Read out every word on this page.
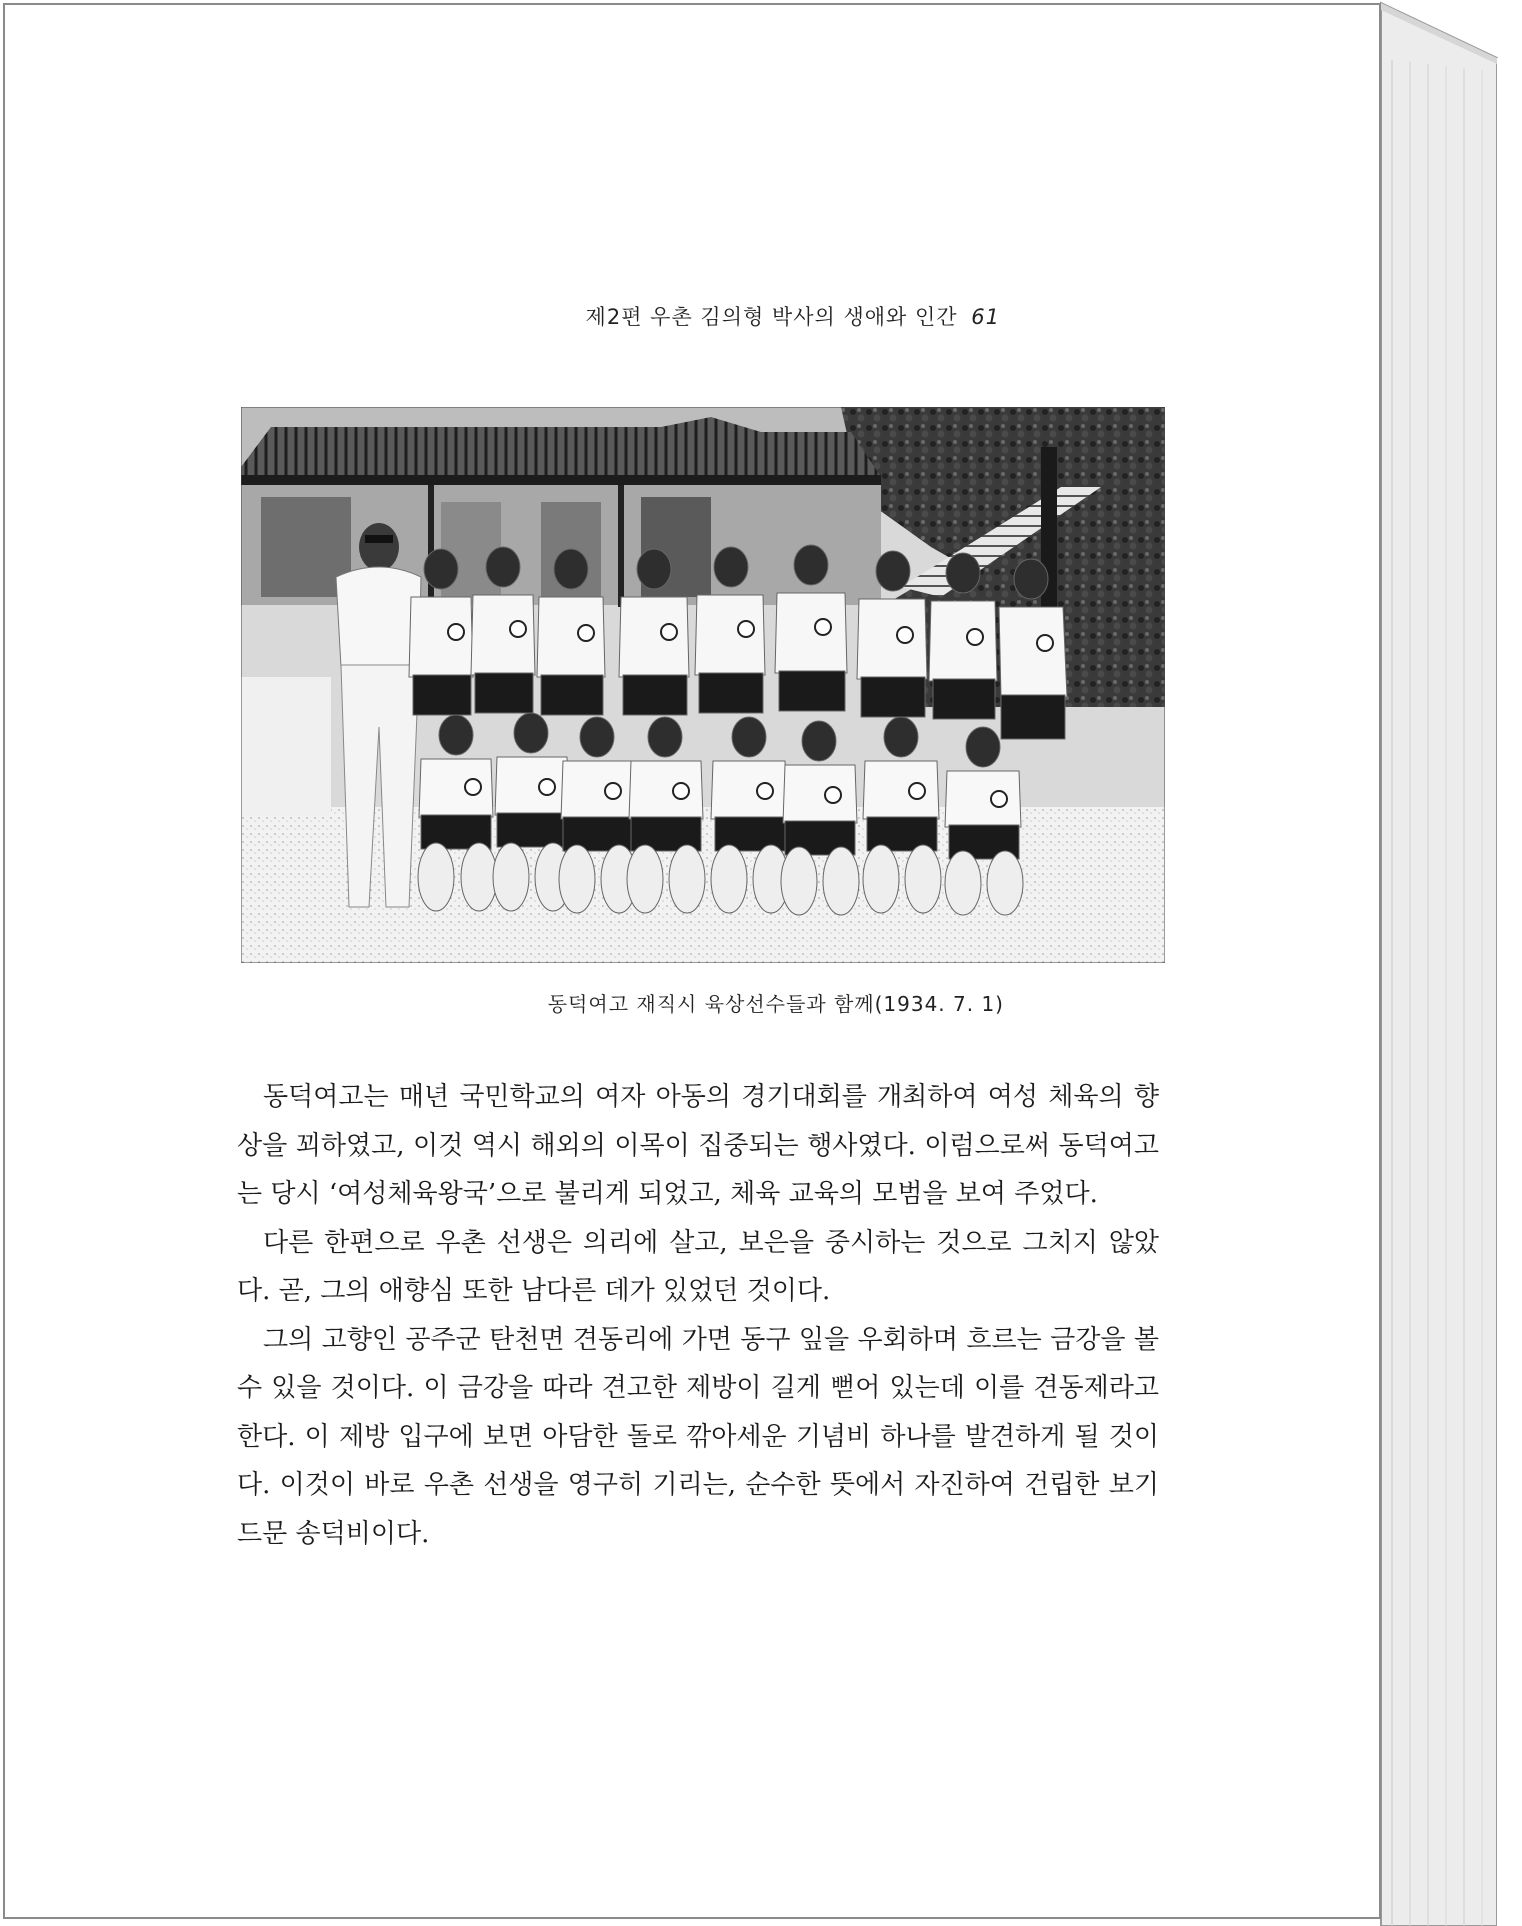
제2편 우촌 김의형 박사의 생애와 인간 61
동덕여고 재직시 육상선수들과 함께(1934. 7. 1)

동덕여고는 매년 국민학교의 여자 아동의 경기대회를 개최하여 여성 체육의 향상을 꾀하였고, 이것 역시 해외의 이목이 집중되는 행사였다. 이럼으로써 동덕여고는 당시 ‘여성체육왕국’으로 불리게 되었고, 체육 교육의 모범을 보여 주었다.

다른 한편으로 우촌 선생은 의리에 살고, 보은을 중시하는 것으로 그치지 않았다. 곧, 그의 애향심 또한 남다른 데가 있었던 것이다.

그의 고향인 공주군 탄천면 견동리에 가면 동구 잎을 우회하며 흐르는 금강을 볼 수 있을 것이다. 이 금강을 따라 견고한 제방이 길게 뻗어 있는데 이를 견동제라고 한다. 이 제방 입구에 보면 아담한 돌로 깎아세운 기념비 하나를 발견하게 될 것이다. 이것이 바로 우촌 선생을 영구히 기리는, 순수한 뜻에서 자진하여 건립한 보기드문 송덕비이다.
